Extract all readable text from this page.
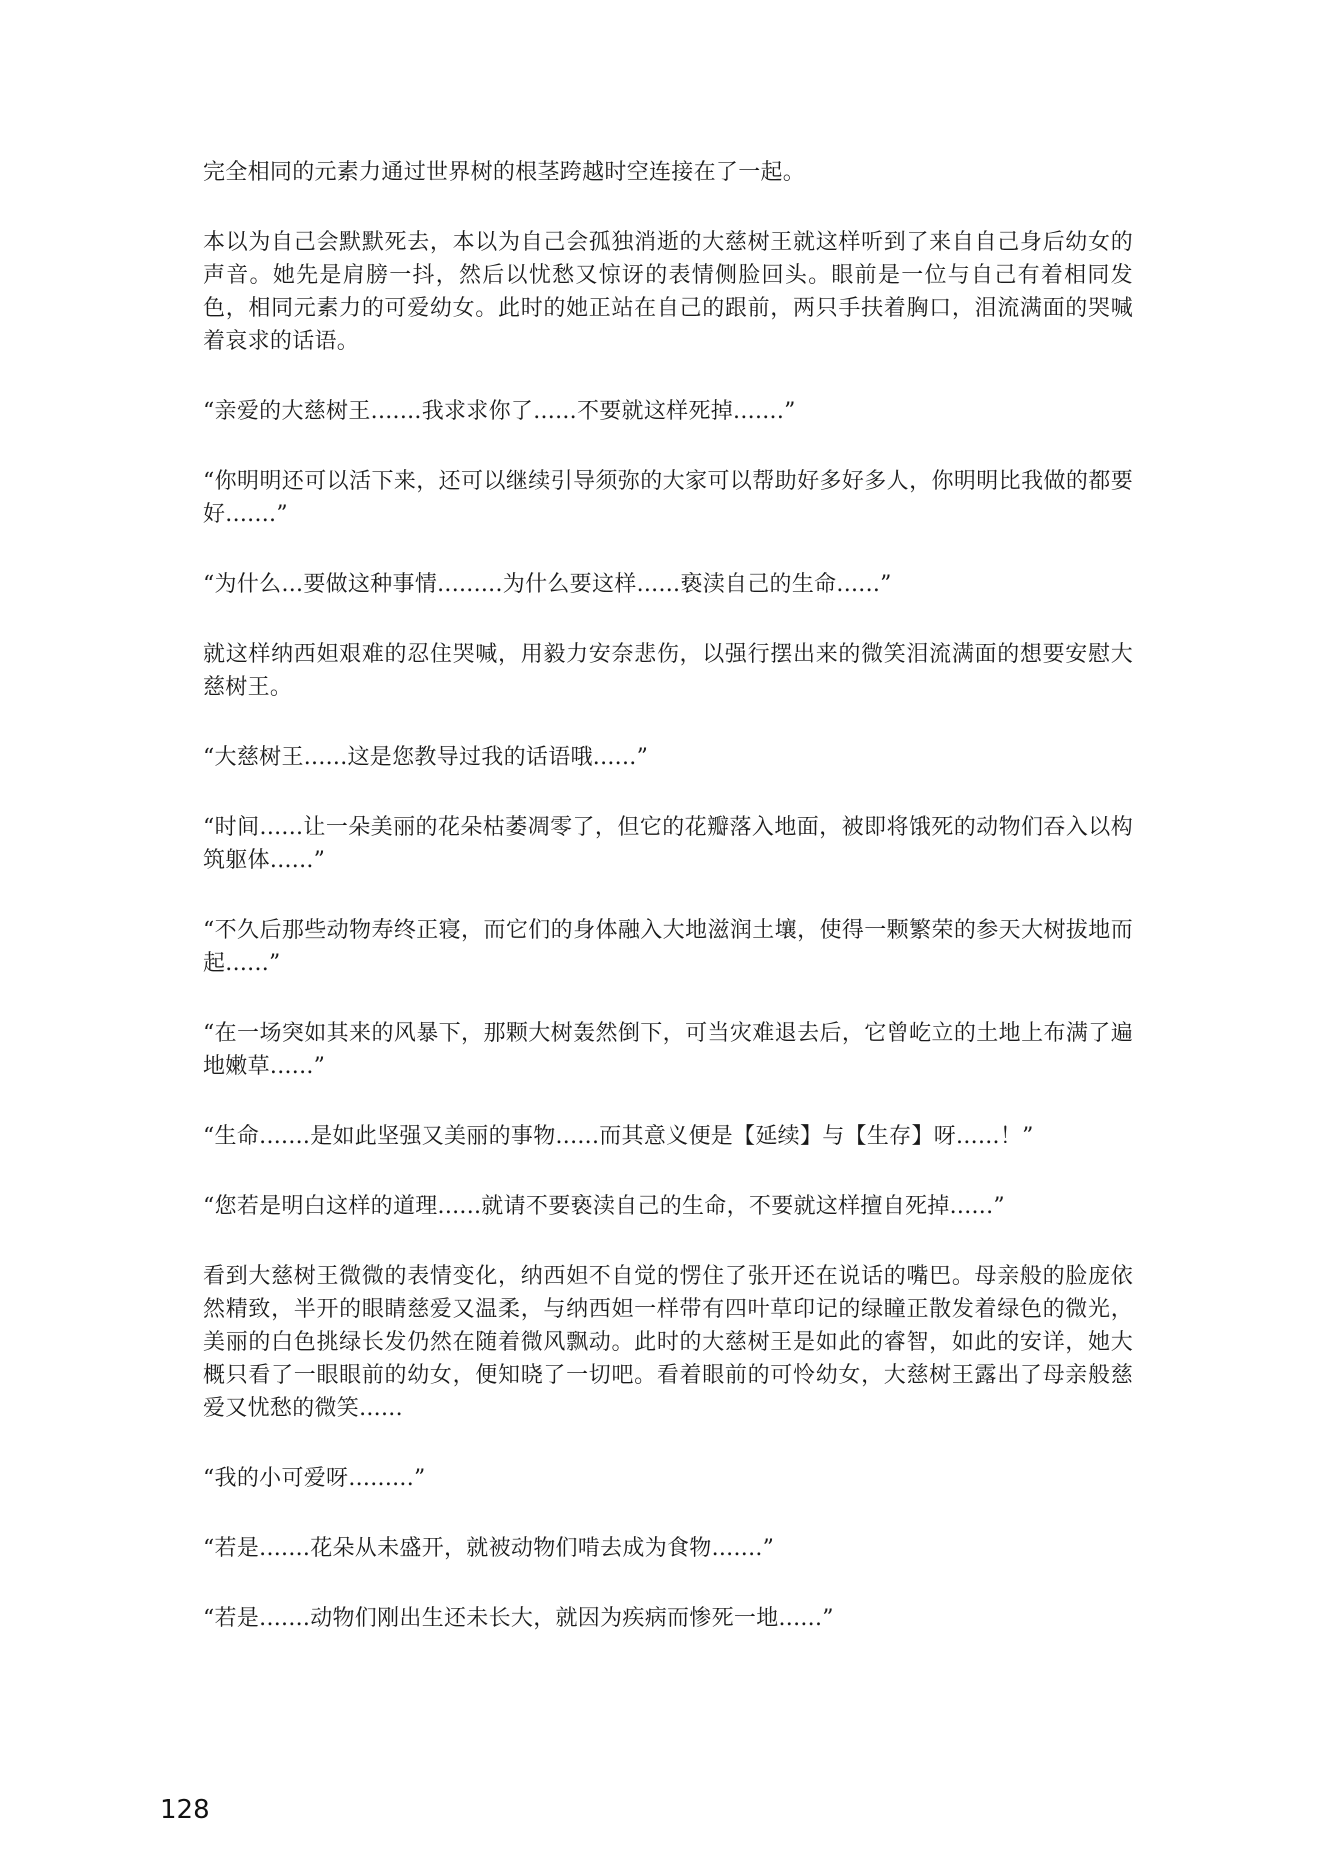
完全相同的元素力通过世界树的根茎跨越时空连接在了一起。

本以为自己会默默死去，本以为自己会孤独消逝的大慈树王就这样听到了来自自己身后幼女的声音。她先是肩膀一抖，然后以忧愁又惊讶的表情侧脸回头。眼前是一位与自己有着相同发色，相同元素力的可爱幼女。此时的她正站在自己的跟前，两只手扶着胸口，泪流满面的哭喊着哀求的话语。

“亲爱的大慈树王.......我求求你了......不要就这样死掉.......”

“你明明还可以活下来，还可以继续引导须弥的大家可以帮助好多好多人，你明明比我做的都要好.......”

“为什么...要做这种事情.........为什么要这样......亵渎自己的生命......”

就这样纳西妲艰难的忍住哭喊，用毅力安奈悲伤，以强行摆出来的微笑泪流满面的想要安慰大慈树王。

“大慈树王......这是您教导过我的话语哦......”

“时间......让一朵美丽的花朵枯萎凋零了，但它的花瓣落入地面，被即将饿死的动物们吞入以构筑躯体......”

“不久后那些动物寿终正寝，而它们的身体融入大地滋润土壤，使得一颗繁荣的参天大树拔地而起......”

“在一场突如其来的风暴下，那颗大树轰然倒下，可当灾难退去后，它曾屹立的土地上布满了遍地嫩草......”

“生命.......是如此坚强又美丽的事物......而其意义便是【延续】与【生存】呀......！”

“您若是明白这样的道理......就请不要亵渎自己的生命，不要就这样擅自死掉......”

看到大慈树王微微的表情变化，纳西妲不自觉的愣住了张开还在说话的嘴巴。母亲般的脸庞依然精致，半开的眼睛慈爱又温柔，与纳西妲一样带有四叶草印记的绿瞳正散发着绿色的微光，美丽的白色挑绿长发仍然在随着微风飘动。此时的大慈树王是如此的睿智，如此的安详，她大概只看了一眼眼前的幼女，便知晓了一切吧。看着眼前的可怜幼女，大慈树王露出了母亲般慈爱又忧愁的微笑......

“我的小可爱呀.........”

“若是.......花朵从未盛开，就被动物们啃去成为食物.......”

“若是.......动物们刚出生还未长大，就因为疾病而惨死一地......”

128
